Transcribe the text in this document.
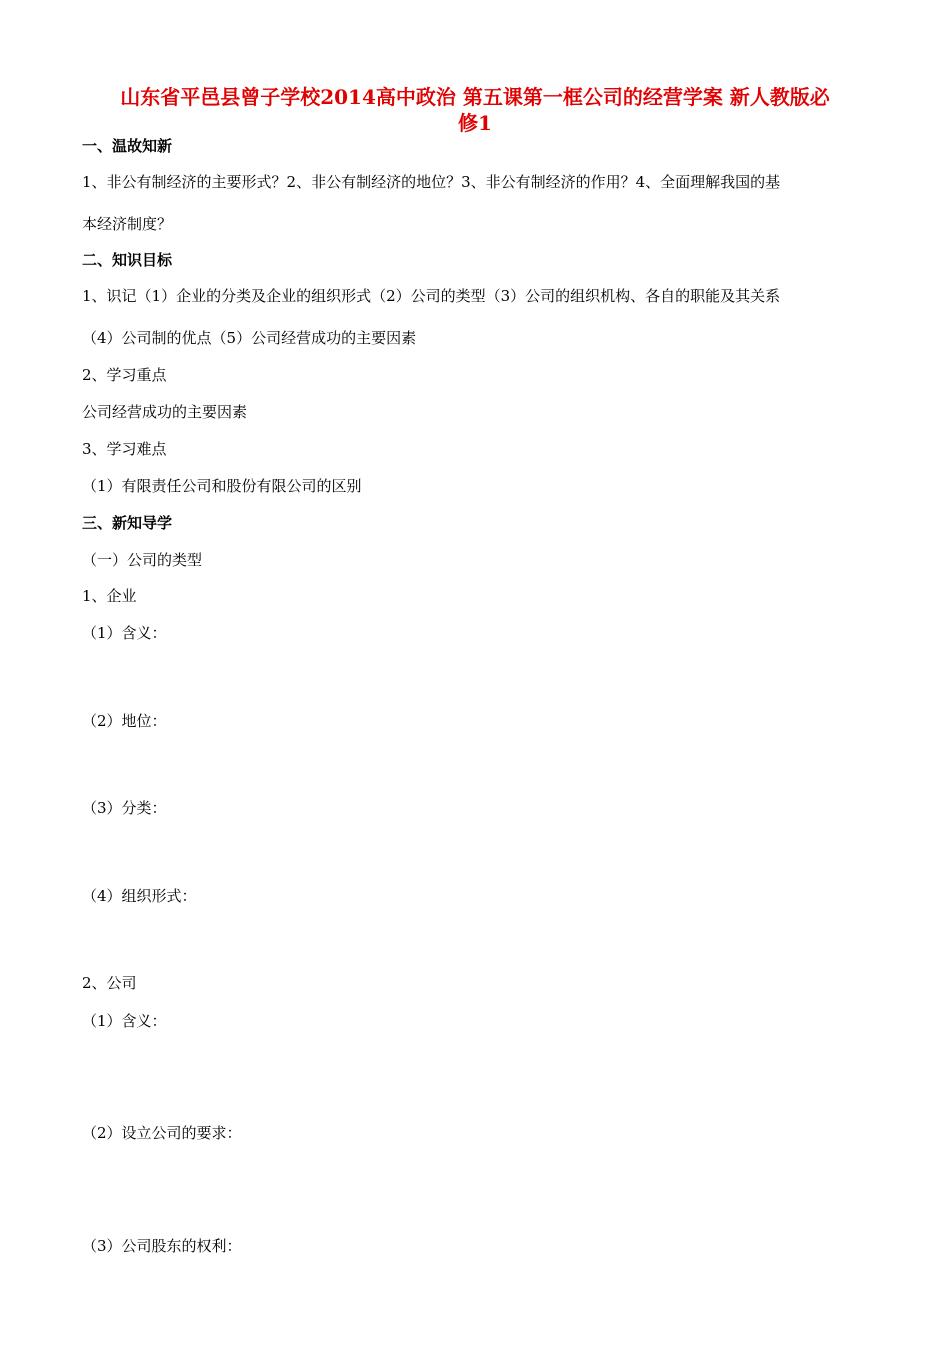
山东省平邑县曾子学校2014高中政治 第五课第一框公司的经营学案 新人教版必
修1
一、温故知新
1、非公有制经济的主要形式？2、非公有制经济的地位？3、非公有制经济的作用？4、全面理解我国的基
本经济制度？
二、知识目标
1、识记（1）企业的分类及企业的组织形式（2）公司的类型（3）公司的组织机构、各自的职能及其关系
（4）公司制的优点（5）公司经营成功的主要因素
2、学习重点
公司经营成功的主要因素
3、学习难点
（1）有限责任公司和股份有限公司的区别
三、新知导学
（一）公司的类型
1、企业
（1）含义：
（2）地位：
（3）分类：
（4）组织形式：
2、公司
（1）含义：
（2）设立公司的要求：
（3）公司股东的权利：
